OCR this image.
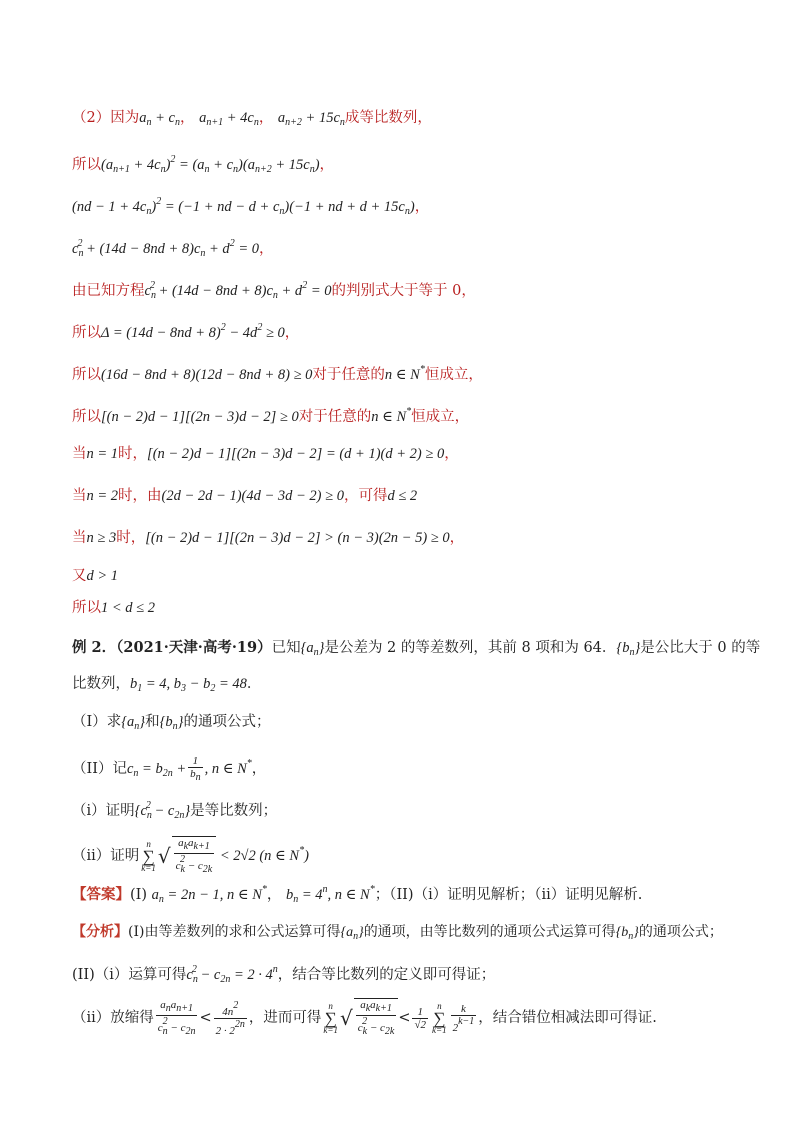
（2）因为$a_n + c_n$， $a_{n+1} + 4c_n$， $a_{n+2} + 15c_n$成等比数列，
所以$(a_{n+1} + 4c_n)^2 = (a_n + c_n)(a_{n+2} + 15c_n)$，
$(nd - 1 + 4c_n)^2 = (-1$ + nd − $d + c_n)(-1$ + nd + $d + 15c_n$)，
$c_n^2 + (14d - 8nd + 8)c_n + d^2 = 0$，
由已知方程$c_n^2 + (14d - 8nd + 8)c_n + d^2 = 0$的判别式大于等于 0，
所以$\Delta = (14d - 8nd + 8)^2 - 4d^2 \ge 0$，
所以(16d − 8nd + 8)(12d − 8nd + 8) ≥ 0对于任意的n ∈ N*恒成立，
所以[(n − 2)d − 1][(2n − 3)d − 2] ≥ 0对于任意的n ∈ N*恒成立，
当n = 1时，[(n − 2)d − 1][(2n − 3)d − 2] = (d + 1)(d + 2) ≥ 0，
当n = 2时，由(2d − 2d − 1)(4d − 3d − 2) ≥ 0，可得d ≤ 2
当n ≥ 3时，[(n − 2)d − 1][(2n − 3)d − 2] > (n − 3)(2n − 5) ≥ 0，
又d > 1
所以1 < d ≤ 2
例 2．（2021·天津·高考·19）已知$\{a_n\}$是公差为 2 的等差数列，其前 8 项和为 64．$\{b_n\}$是公比大于 0 的等
比数列，$b_1 = 4$, $b_3 - b_2 = 48$．
（I）求$\{a_n\}$和$\{b_n\}$的通项公式；
（II）记$c_n = b_{2n} + \frac{1}{bn}$ , n ∈ N*，
（i）证明$\{c_n^2 - c_{2n}\}$是等比数列；
（ii）证明n
∑
k=1 √ $\frac{\text{akak+1}}{ck2 - c2k} < 2√2$ (n ∈ N*)
【答案】(I) $a_n = 2n - 1$, n ∈ N*， $b_n = 4^n$, n ∈ N*；（II)（i）证明见解析；（ii）证明见解析.
【分析】(I)由等差数列的求和公式运算可得$\{a_n\}$的通项，由等比数列的通项公式运算可得$\{b_n\}$的通项公式；
(II)（i）运算可得$c_n^2 - c_{2n} = 2 \cdot 4^n$，结合等比数列的定义即可得证；
（ii）放缩得 $\frac{\text{anan+1}}{cn2 - c2n} < \frac{4n2}{2 \cdot 22n}$ ，进而可得n
∑
k=1 √ $\frac{\text{akak+1}}{ck2 - c2k} < \frac{1}{√2}$ n
∑
$k=1 \frac{k}{2k-1}$ ，结合错位相减法即可得证.
